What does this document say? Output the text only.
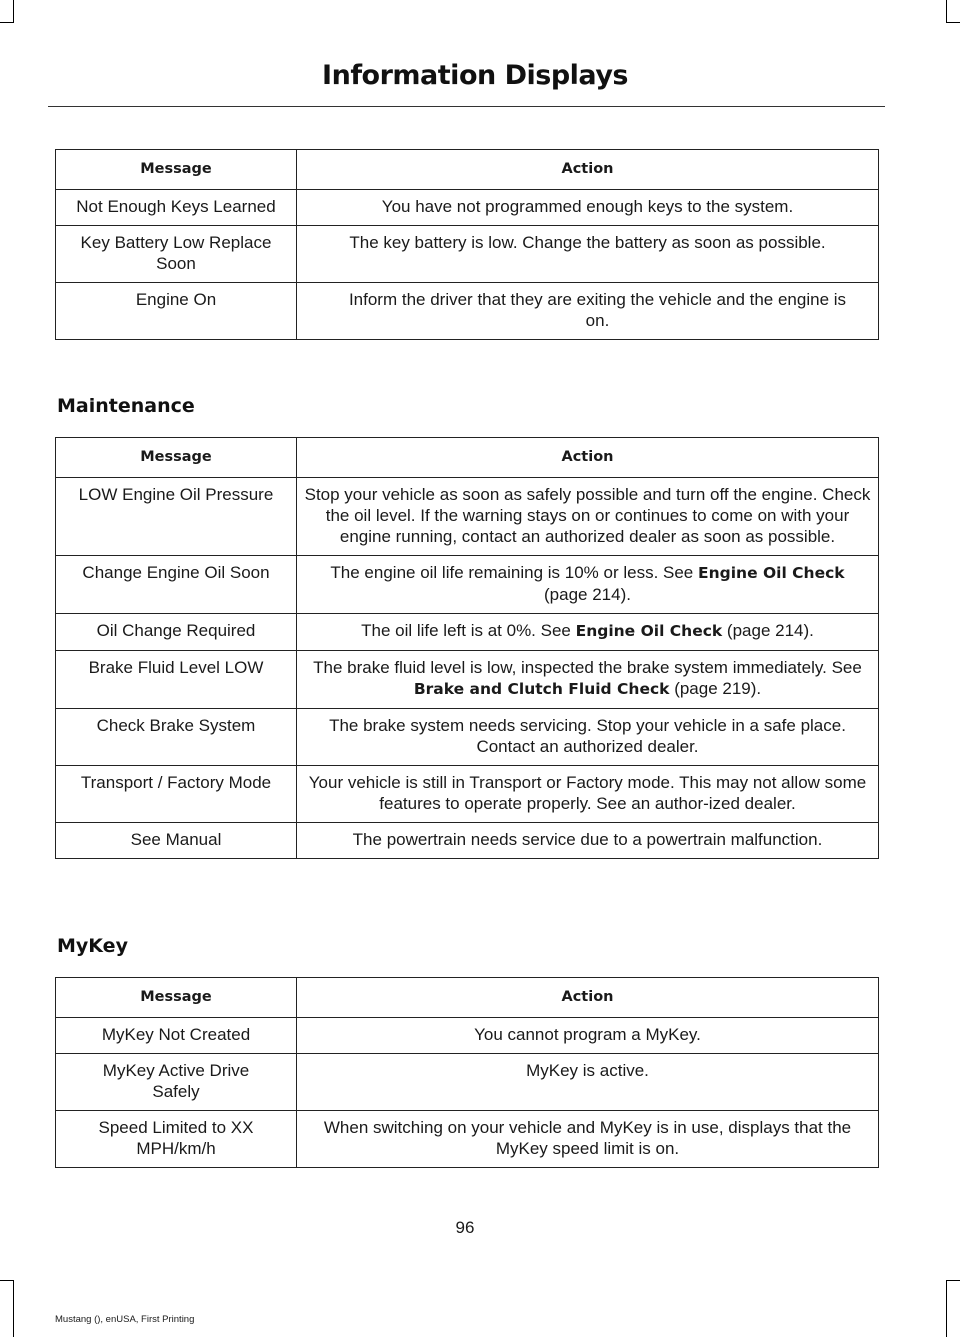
Information Displays
Message	Action
Not Enough Keys Learned	You have not programmed enough keys to the system.
Key Battery Low Replace Soon	The key battery is low. Change the battery as soon as possible.
Engine On	Inform the driver that they are exiting the vehicle and the engine is on.
Maintenance
Message	Action
LOW Engine Oil Pressure	Stop your vehicle as soon as safely possible and turn off the engine. Check the oil level. If the warning stays on or continues to come on with your engine running, contact an authorized dealer as soon as possible.
Change Engine Oil Soon	The engine oil life remaining is 10% or less. See Engine Oil Check (page 214).
Oil Change Required	The oil life left is at 0%. See Engine Oil Check (page 214).
Brake Fluid Level LOW	The brake fluid level is low, inspected the brake system immediately. See Brake and Clutch Fluid Check (page 219).
Check Brake System	The brake system needs servicing. Stop your vehicle in a safe place. Contact an authorized dealer.
Transport / Factory Mode	Your vehicle is still in Transport or Factory mode. This may not allow some features to operate properly. See an author-ized dealer.
See Manual	The powertrain needs service due to a powertrain malfunction.
MyKey
Message	Action
MyKey Not Created	You cannot program a MyKey.
MyKey Active Drive Safely	MyKey is active.
Speed Limited to XX MPH/km/h	When switching on your vehicle and MyKey is in use, displays that the MyKey speed limit is on.
96
Mustang (), enUSA, First Printing
